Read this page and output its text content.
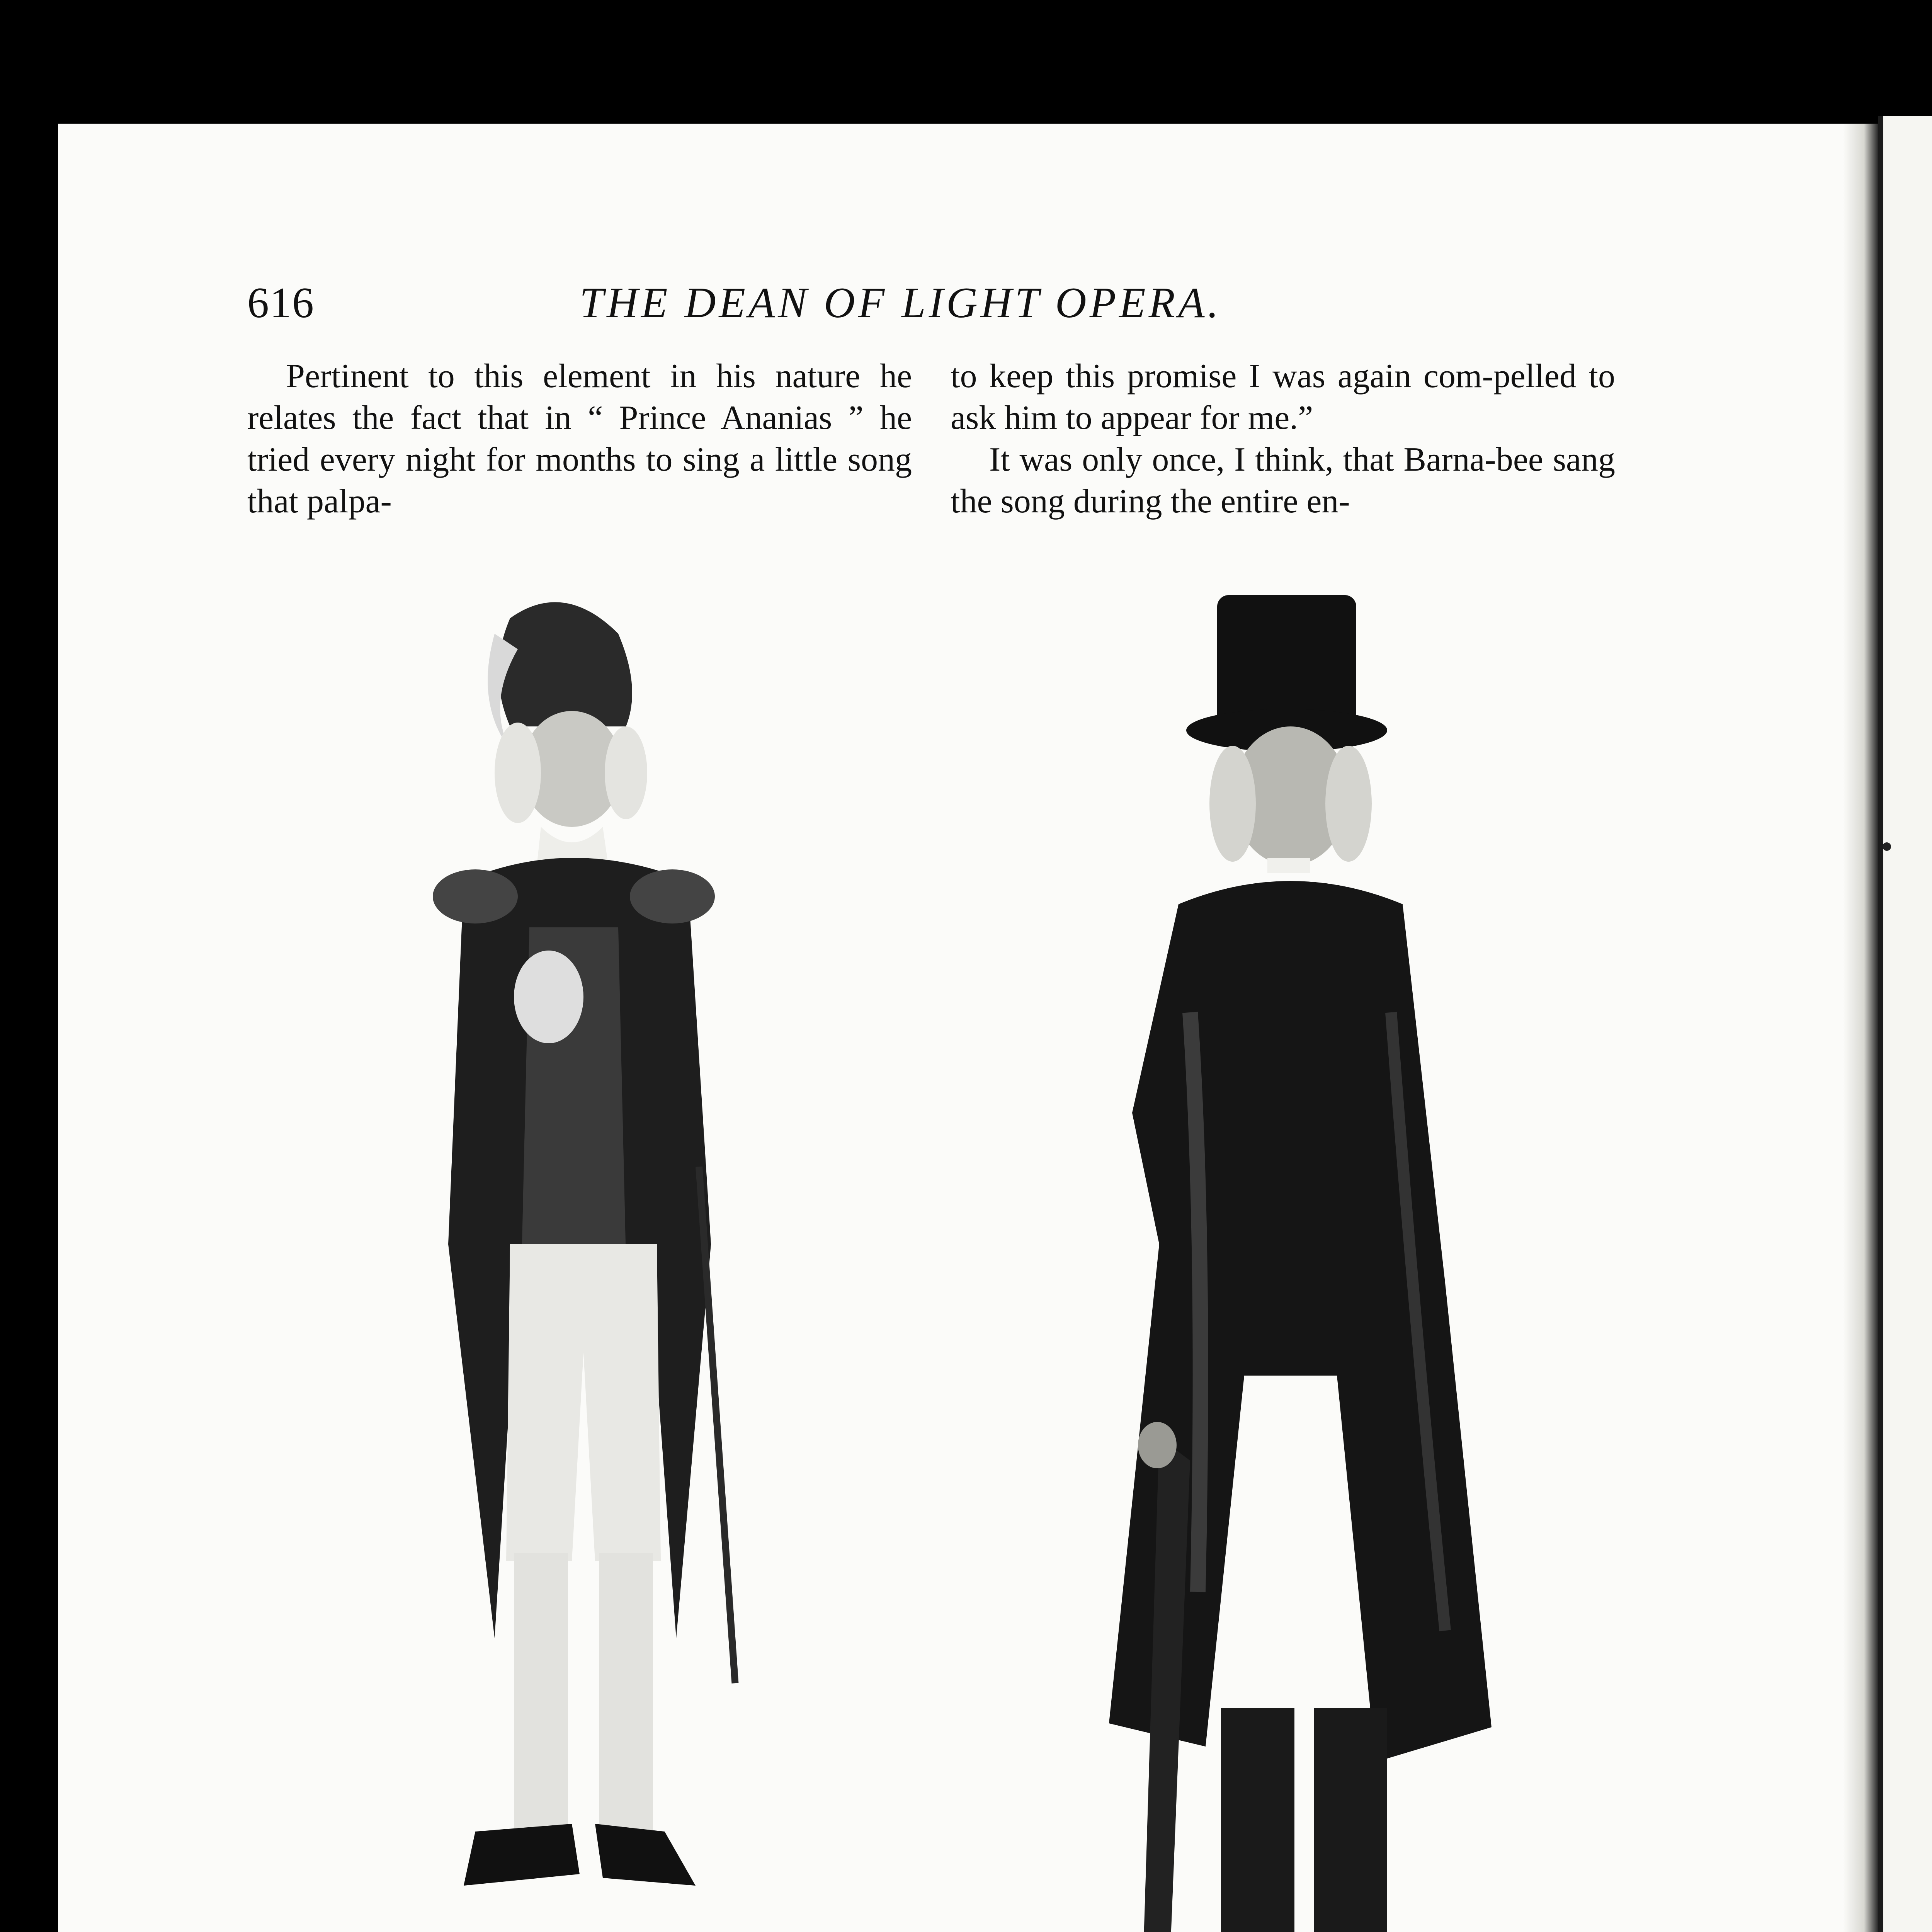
616	THE DEAN OF LIGHT OPERA.

Pertinent to this element in his nature he relates the fact that in “ Prince Ananias ” he tried every night for months to sing a little song that palpa-

to keep this promise I was again com-pelled to ask him to appear for me.”

It was only once, I think, that Barna-bee sang the song during the entire en-
